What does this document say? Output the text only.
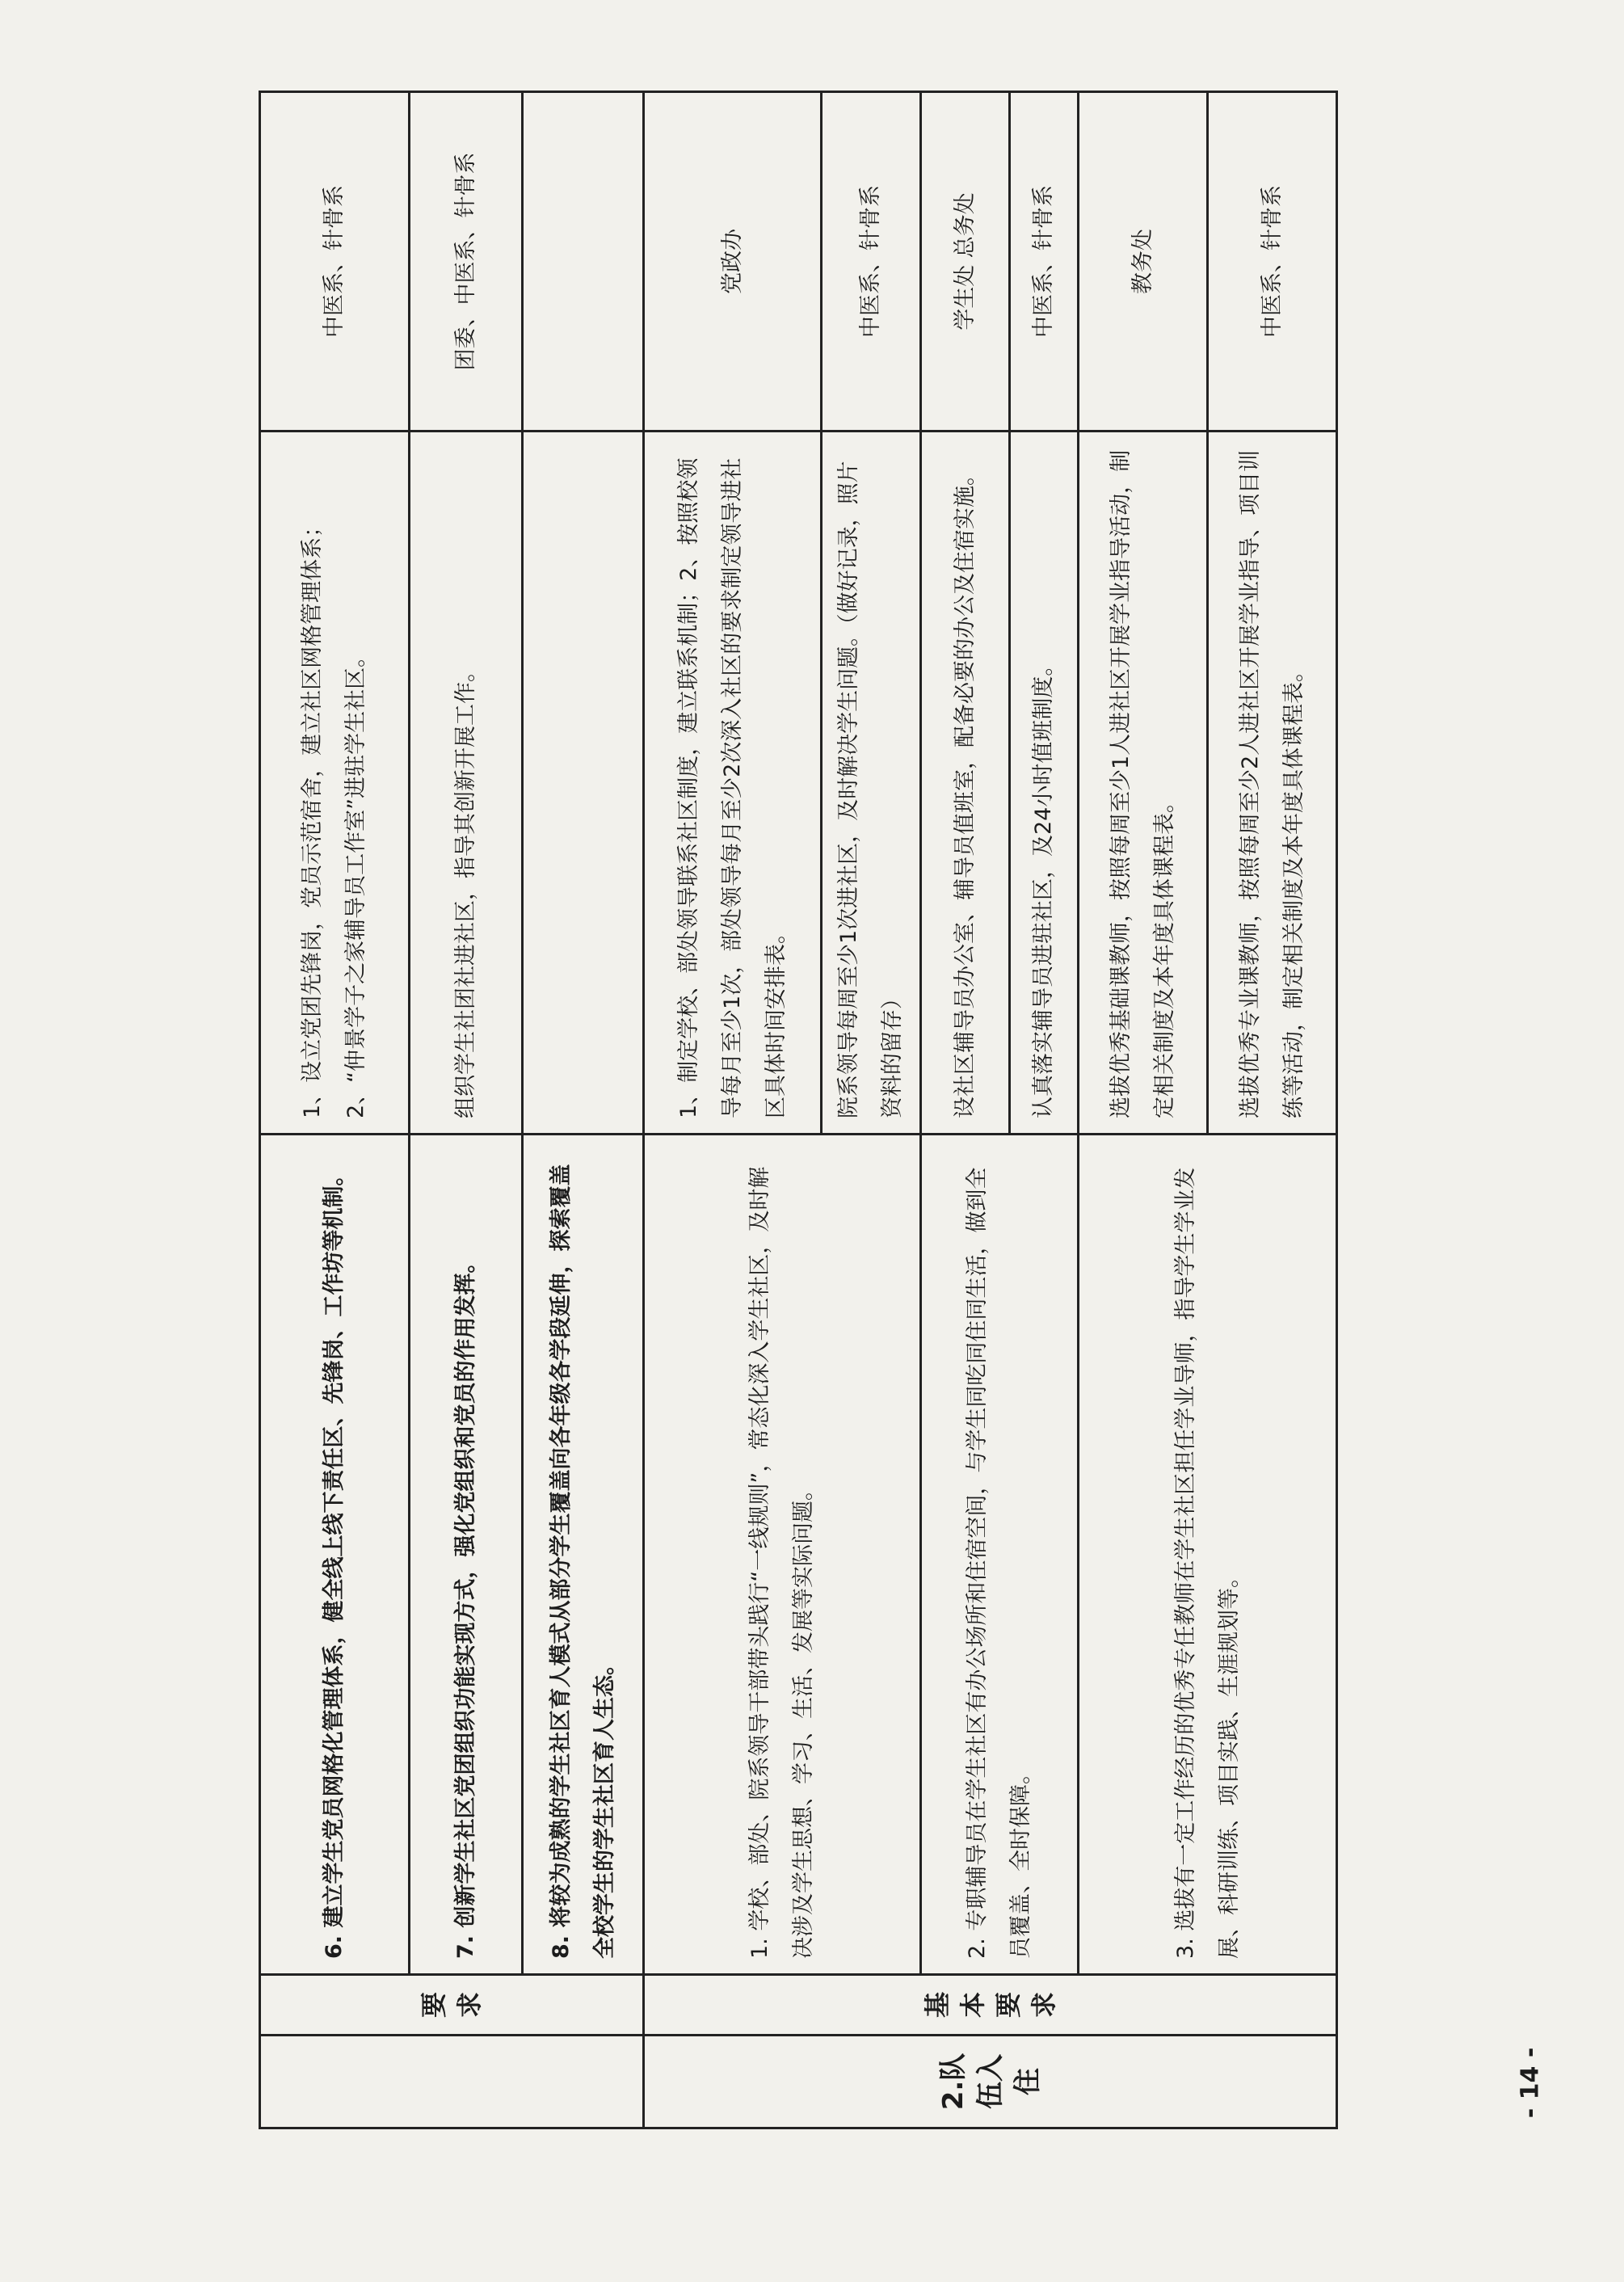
	要 求	6. 建立学生党员网格化管理体系，健全线上线下责任区、先锋岗、工作坊等机制。	1、设立党团先锋岗，党员示范宿舍，建立社区网格管理体系；2、“仲景学子之家辅导员工作室”进驻学生社区。	中医系、针骨系
		7. 创新学生社区党团组织功能实现方式，强化党组织和党员的作用发挥。	组织学生社团社进社区，指导其创新开展工作。	团委、中医系、针骨系
		8. 将较为成熟的学生社区育人模式从部分学生覆盖向各年级各学段延伸，探索覆盖全校学生的学生社区育人生态。		

2.队伍入 住	基 本 要 求	1. 学校、部处、院系领导干部带头践行“一线规则”，常态化深入学生社区，及时解决涉及学生思想、学习、生活、发展等实际问题。	1、制定学校、部处领导联系社区制度，建立联系机制；2、按照校领导每月至少1次，部处领导每月至少2次深入社区的要求制定领导进社区具体时间安排表。	党政办
			院系领导每周至少1次进社区，及时解决学生问题。（做好记录，照片资料的留存）	中医系、针骨系
		2. 专职辅导员在学生社区有办公场所和住宿空间，与学生同吃同住同生活，做到全员覆盖、全时保障。	设社区辅导员办公室、辅导员值班室，配备必要的办公及住宿实施。	学生处 总务处
			认真落实辅导员进驻社区，及24小时值班制度。	中医系、针骨系
		3. 选拔有一定工作经历的优秀专任教师在学生社区担任学业导师，指导学生学业发展、科研训练、项目实践、生涯规划等。	选拔优秀基础课教师，按照每周至少1人进社区开展学业指导活动，制定相关制度及本年度具体课程表。	教务处
			选拔优秀专业课教师，按照每周至少2人进社区开展学业指导、项目训练等活动，制定相关制度及本年度具体课程表。	中医系、针骨系
- 14 -
